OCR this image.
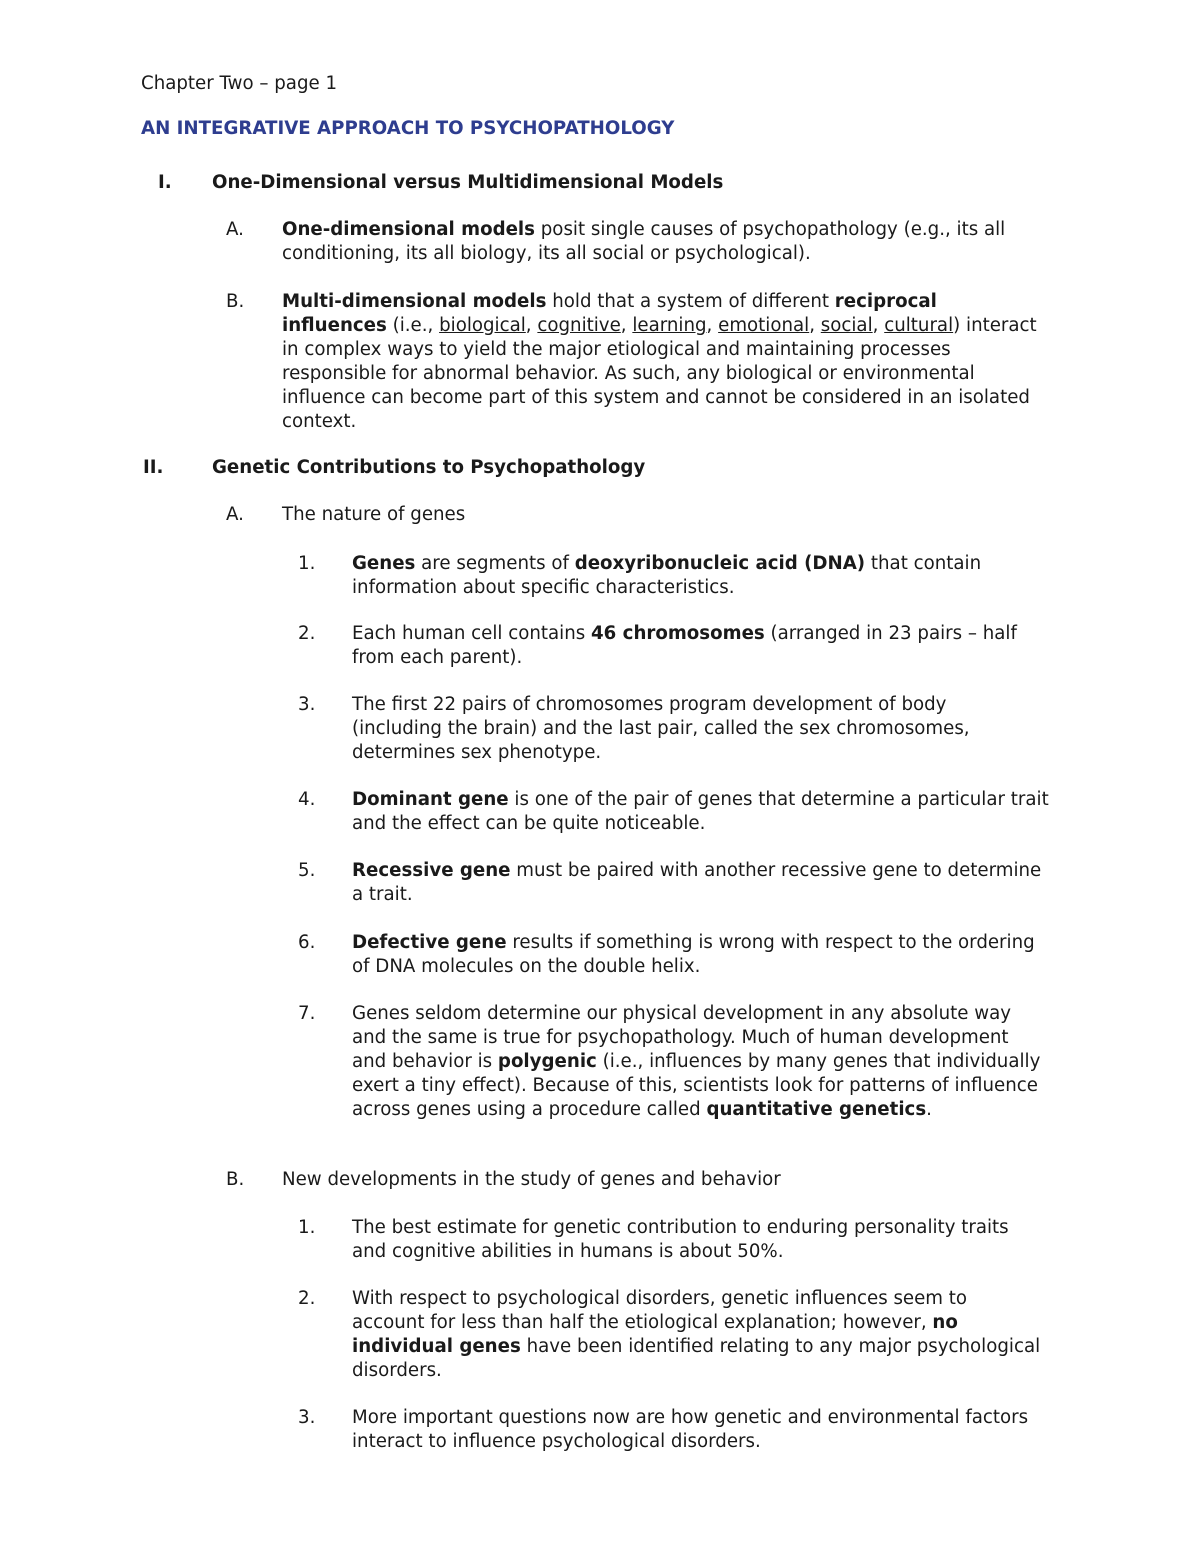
Chapter Two – page 1
AN INTEGRATIVE APPROACH TO PSYCHOPATHOLOGY
I. One-Dimensional versus Multidimensional Models
A. One-dimensional models posit single causes of psychopathology (e.g., its all conditioning, its all biology, its all social or psychological).
B. Multi-dimensional models hold that a system of different reciprocal influences (i.e., biological, cognitive, learning, emotional, social, cultural) interact in complex ways to yield the major etiological and maintaining processes responsible for abnormal behavior. As such, any biological or environmental influence can become part of this system and cannot be considered in an isolated context.
II.	Genetic Contributions to Psychopathology
A. The nature of genes
1. Genes are segments of deoxyribonucleic acid (DNA) that contain information about specific characteristics.
2. Each human cell contains 46 chromosomes (arranged in 23 pairs – half from each parent).
3. The first 22 pairs of chromosomes program development of body (including the brain) and the last pair, called the sex chromosomes, determines sex phenotype.
4. Dominant gene is one of the pair of genes that determine a particular trait and the effect can be quite noticeable.
5. Recessive gene must be paired with another recessive gene to determine a trait.
6. Defective gene results if something is wrong with respect to the ordering of DNA molecules on the double helix.
7. Genes seldom determine our physical development in any absolute way and the same is true for psychopathology. Much of human development and behavior is polygenic (i.e., influences by many genes that individually exert a tiny effect). Because of this, scientists look for patterns of influence across genes using a procedure called quantitative genetics.
B. New developments in the study of genes and behavior
1. The best estimate for genetic contribution to enduring personality traits and cognitive abilities in humans is about 50%.
2. With respect to psychological disorders, genetic influences seem to account for less than half the etiological explanation; however, no individual genes have been identified relating to any major psychological disorders.
3. More important questions now are how genetic and environmental factors interact to influence psychological disorders.
